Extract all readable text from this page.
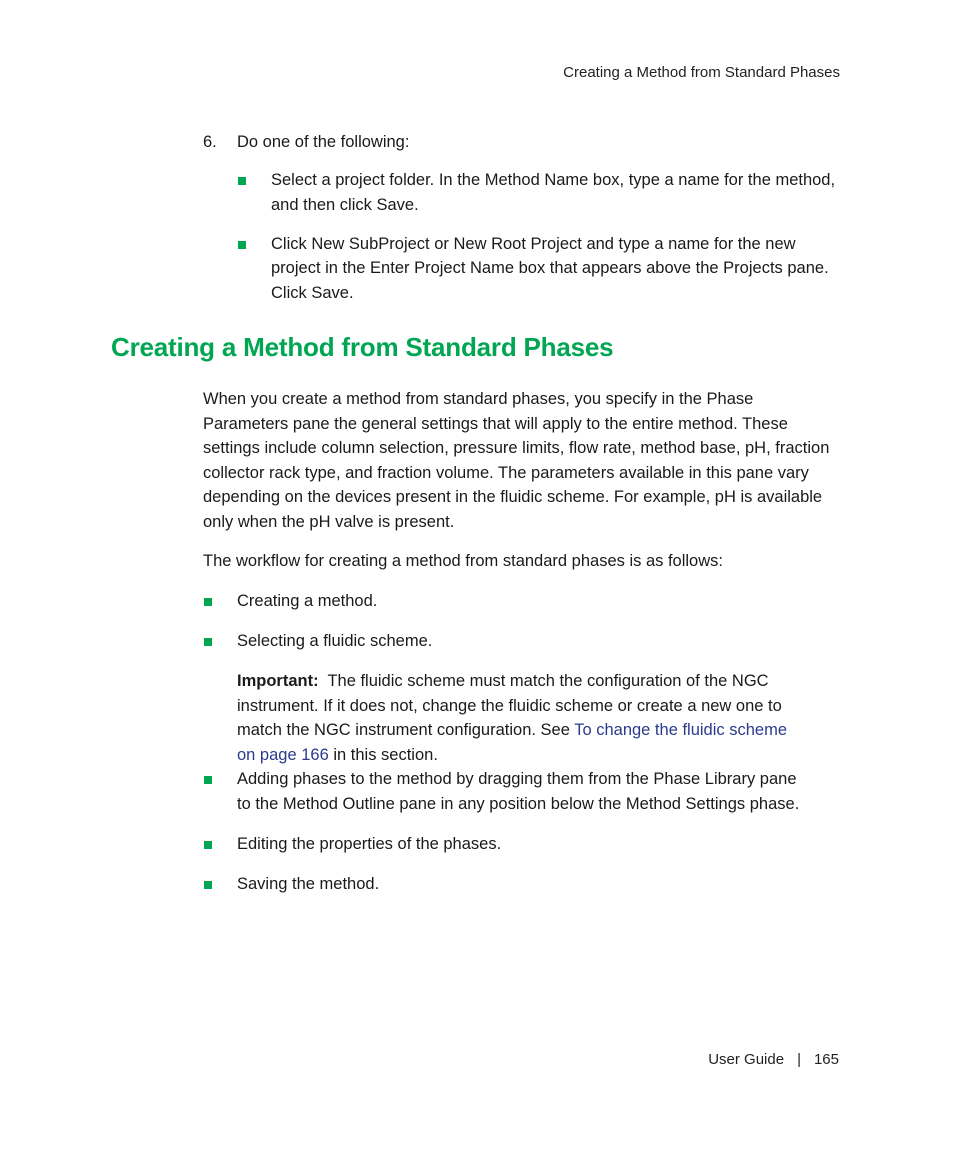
Creating a Method from Standard Phases
6. Do one of the following:
Select a project folder. In the Method Name box, type a name for the method, and then click Save.
Click New SubProject or New Root Project and type a name for the new project in the Enter Project Name box that appears above the Projects pane. Click Save.
Creating a Method from Standard Phases

When you create a method from standard phases, you specify in the Phase Parameters pane the general settings that will apply to the entire method. These settings include column selection, pressure limits, flow rate, method base, pH, fraction collector rack type, and fraction volume. The parameters available in this pane vary depending on the devices present in the fluidic scheme. For example, pH is available only when the pH valve is present.

The workflow for creating a method from standard phases is as follows:

Creating a method.
Selecting a fluidic scheme.
Important: The fluidic scheme must match the configuration of the NGC instrument. If it does not, change the fluidic scheme or create a new one to match the NGC instrument configuration. See To change the fluidic scheme on page 166 in this section.
Adding phases to the method by dragging them from the Phase Library pane to the Method Outline pane in any position below the Method Settings phase.
Editing the properties of the phases.
Saving the method.
User Guide | 165
